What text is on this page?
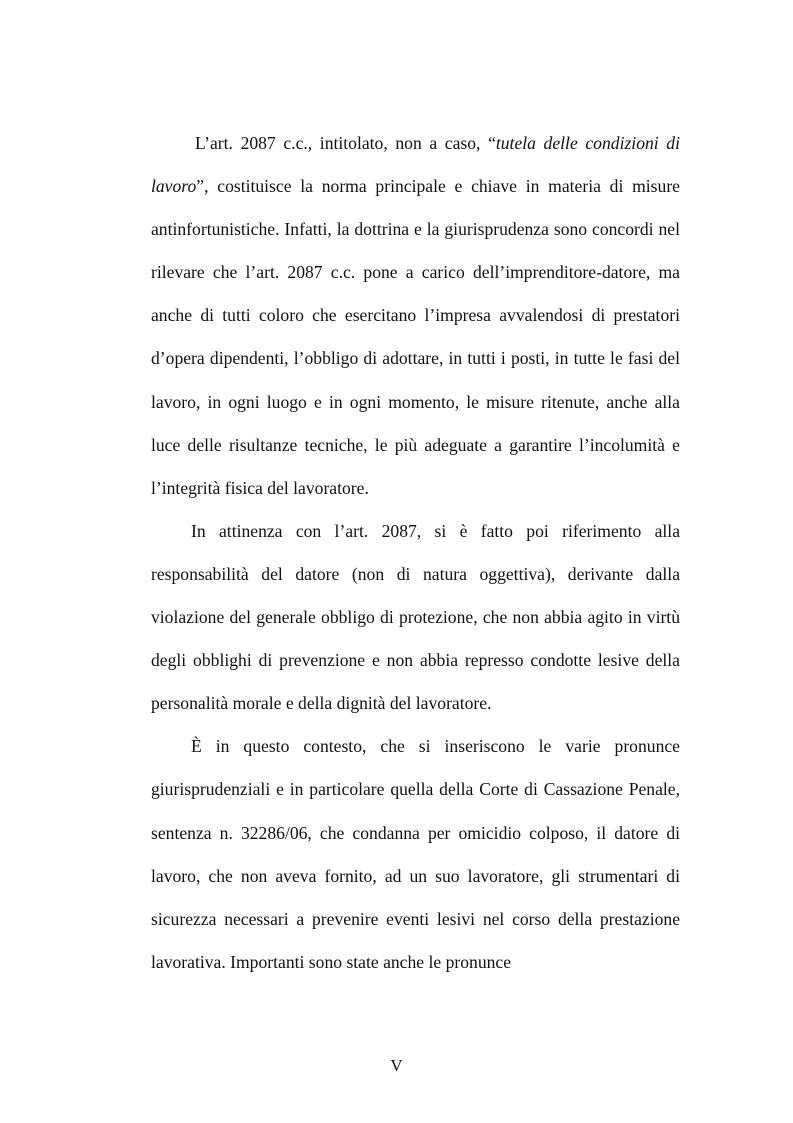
L’art. 2087 c.c., intitolato, non a caso, “tutela delle condizioni di lavoro”, costituisce la norma principale e chiave in materia di misure antinfortunistiche. Infatti, la dottrina e la giurisprudenza sono concordi nel rilevare che l’art. 2087 c.c. pone a carico dell’imprenditore-datore, ma anche di tutti coloro che esercitano l’impresa avvalendosi di prestatori d’opera dipendenti, l’obbligo di adottare, in tutti i posti, in tutte le fasi del lavoro, in ogni luogo e in ogni momento, le misure ritenute, anche alla luce delle risultanze tecniche, le più adeguate a garantire l’incolumità e l’integrità fisica del lavoratore.

In attinenza con l’art. 2087, si è fatto poi riferimento alla responsabilità del datore (non di natura oggettiva), derivante dalla violazione del generale obbligo di protezione, che non abbia agito in virtù degli obblighi di prevenzione e non abbia represso condotte lesive della personalità morale e della dignità del lavoratore.

È in questo contesto, che si inseriscono le varie pronunce giurisprudenziali e in particolare quella della Corte di Cassazione Penale, sentenza n. 32286/06, che condanna per omicidio colposo, il datore di lavoro, che non aveva fornito, ad un suo lavoratore, gli strumentari di sicurezza necessari a prevenire eventi lesivi nel corso della prestazione lavorativa. Importanti sono state anche le pronunce

V
